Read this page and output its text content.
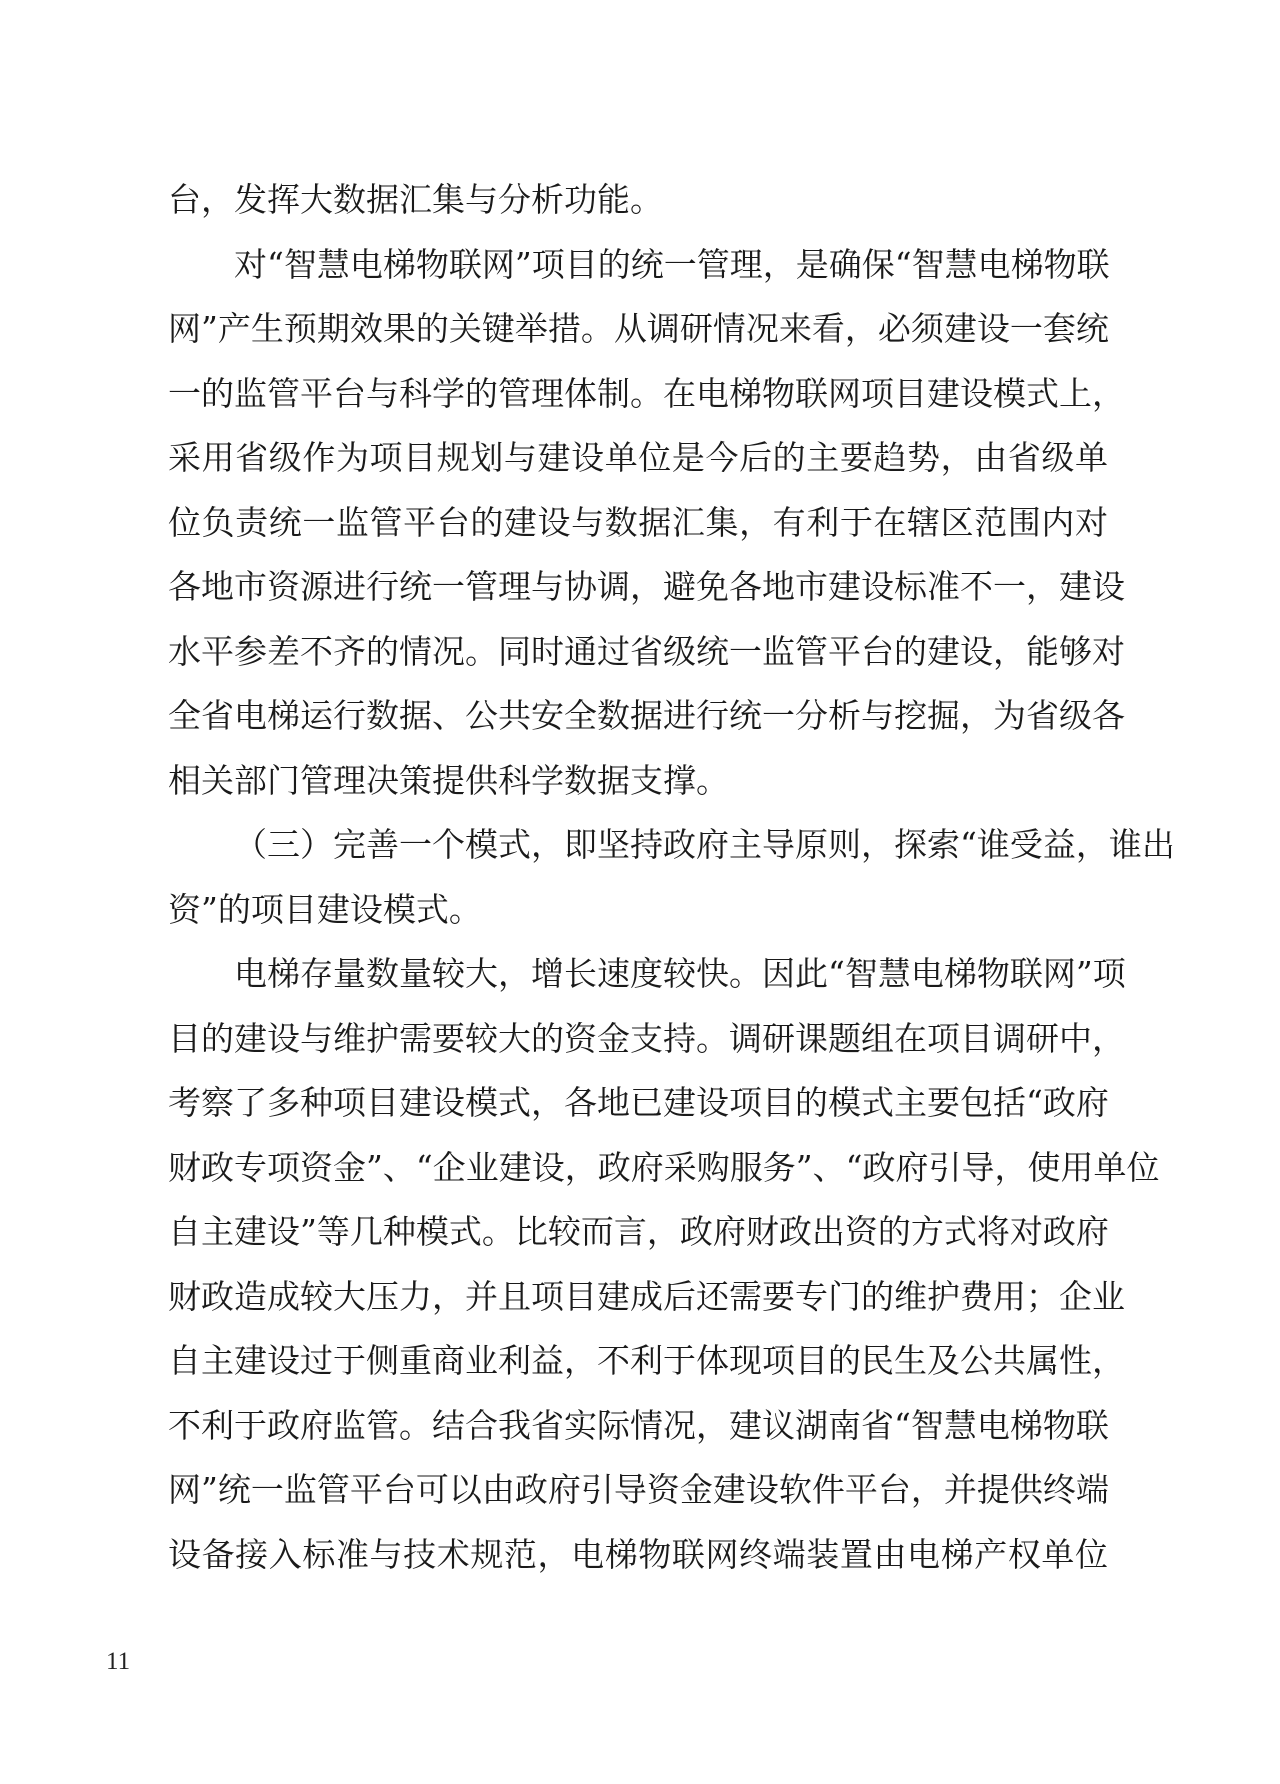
台，发挥大数据汇集与分析功能。
对“智慧电梯物联网”项目的统一管理，是确保“智慧电梯物联
网”产生预期效果的关键举措。从调研情况来看，必须建设一套统
一的监管平台与科学的管理体制。在电梯物联网项目建设模式上，
采用省级作为项目规划与建设单位是今后的主要趋势，由省级单
位负责统一监管平台的建设与数据汇集，有利于在辖区范围内对
各地市资源进行统一管理与协调，避免各地市建设标准不一，建设
水平参差不齐的情况。同时通过省级统一监管平台的建设，能够对
全省电梯运行数据、公共安全数据进行统一分析与挖掘，为省级各
相关部门管理决策提供科学数据支撑。
（三）完善一个模式，即坚持政府主导原则，探索“谁受益，谁出
资”的项目建设模式。
电梯存量数量较大，增长速度较快。因此“智慧电梯物联网”项
目的建设与维护需要较大的资金支持。调研课题组在项目调研中，
考察了多种项目建设模式，各地已建设项目的模式主要包括“政府
财政专项资金”、“企业建设，政府采购服务”、“政府引导，使用单位
自主建设”等几种模式。比较而言，政府财政出资的方式将对政府
财政造成较大压力，并且项目建成后还需要专门的维护费用；企业
自主建设过于侧重商业利益，不利于体现项目的民生及公共属性，
不利于政府监管。结合我省实际情况，建议湖南省“智慧电梯物联
网”统一监管平台可以由政府引导资金建设软件平台，并提供终端
设备接入标准与技术规范，电梯物联网终端装置由电梯产权单位
11
